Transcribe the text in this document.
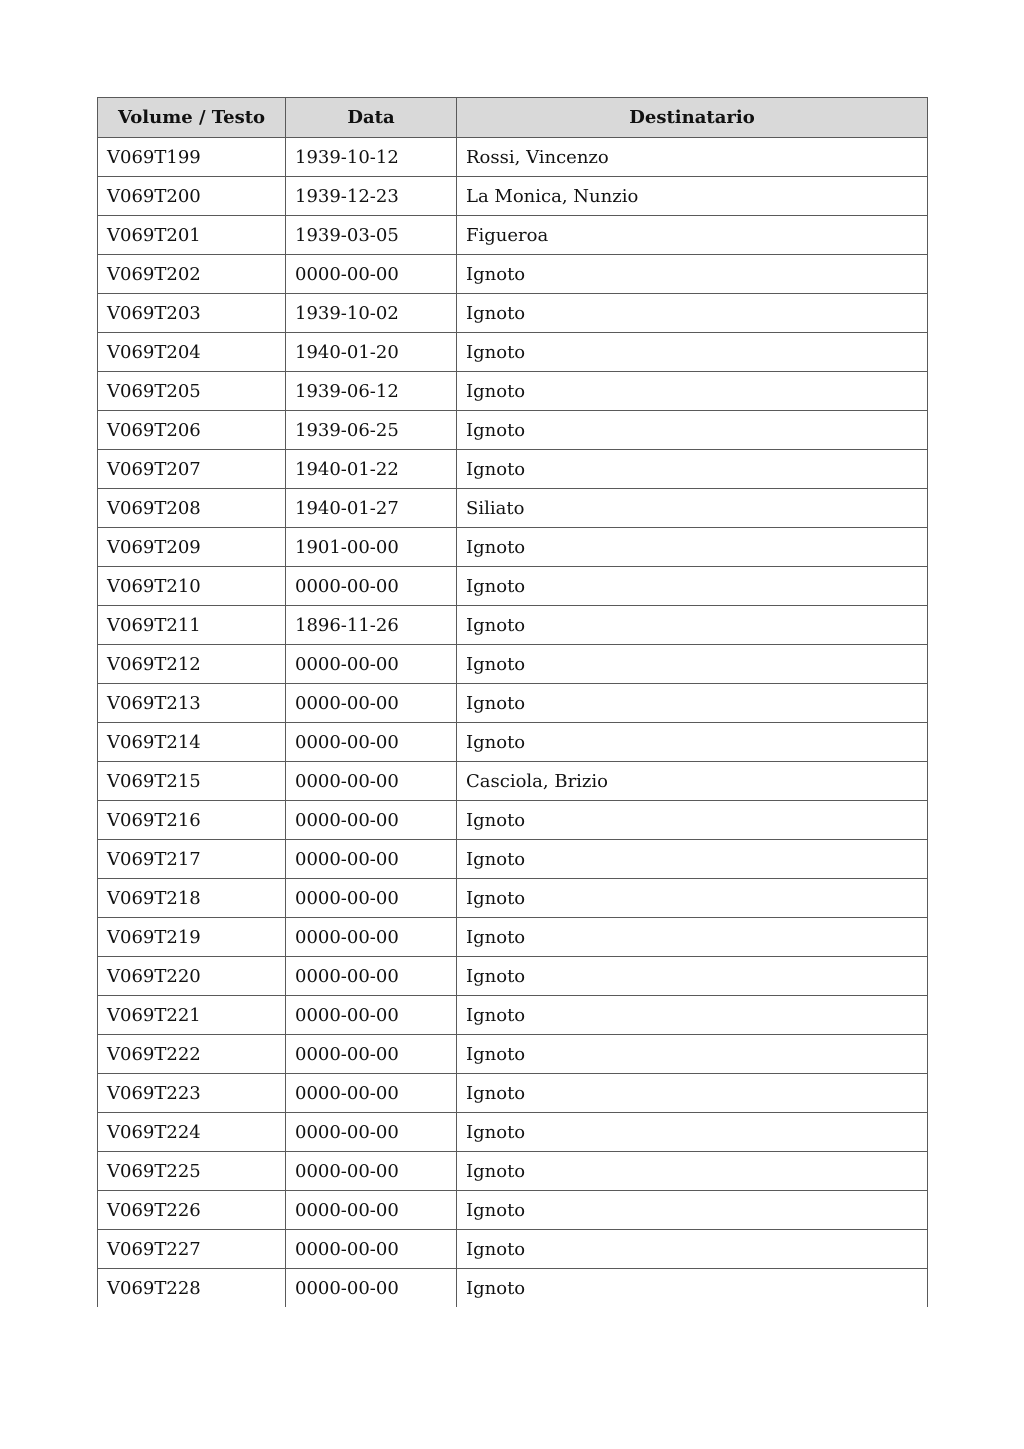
Volume / Testo	Data	Destinatario
V069T199	1939-10-12	Rossi, Vincenzo
V069T200	1939-12-23	La Monica, Nunzio
V069T201	1939-03-05	Figueroa
V069T202	0000-00-00	Ignoto
V069T203	1939-10-02	Ignoto
V069T204	1940-01-20	Ignoto
V069T205	1939-06-12	Ignoto
V069T206	1939-06-25	Ignoto
V069T207	1940-01-22	Ignoto
V069T208	1940-01-27	Siliato
V069T209	1901-00-00	Ignoto
V069T210	0000-00-00	Ignoto
V069T211	1896-11-26	Ignoto
V069T212	0000-00-00	Ignoto
V069T213	0000-00-00	Ignoto
V069T214	0000-00-00	Ignoto
V069T215	0000-00-00	Casciola, Brizio
V069T216	0000-00-00	Ignoto
V069T217	0000-00-00	Ignoto
V069T218	0000-00-00	Ignoto
V069T219	0000-00-00	Ignoto
V069T220	0000-00-00	Ignoto
V069T221	0000-00-00	Ignoto
V069T222	0000-00-00	Ignoto
V069T223	0000-00-00	Ignoto
V069T224	0000-00-00	Ignoto
V069T225	0000-00-00	Ignoto
V069T226	0000-00-00	Ignoto
V069T227	0000-00-00	Ignoto
V069T228	0000-00-00	Ignoto
